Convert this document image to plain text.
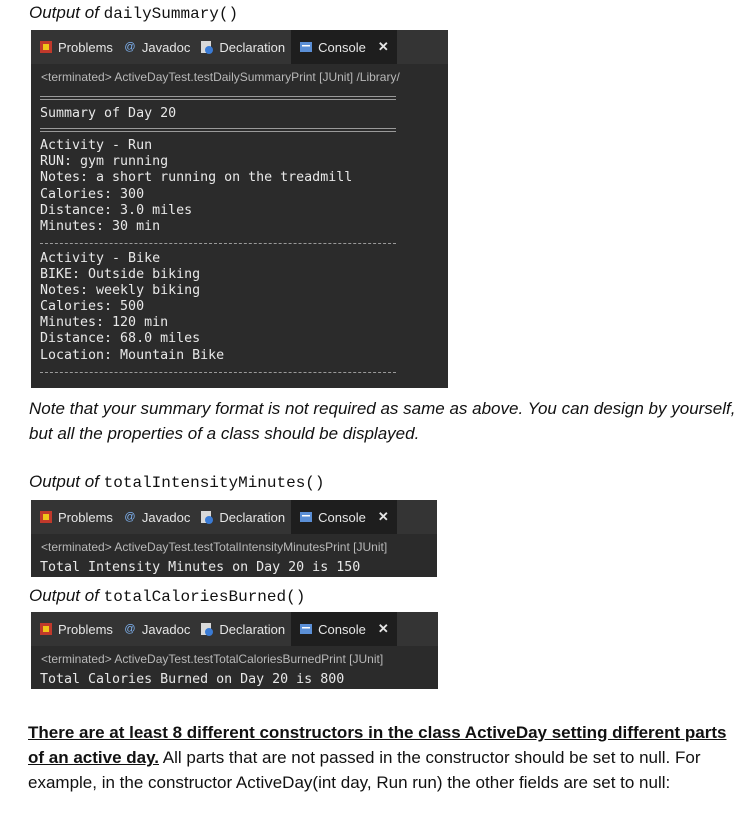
Output of dailySummary()
Problems @ Javadoc Declaration	Console ✕
<terminated> ActiveDayTest.testDailySummaryPrint [JUnit] /Library/
Summary of Day 20
Activity - Run
RUN: gym running
Notes: a short running on the treadmill
Calories: 300
Distance: 3.0 miles
Minutes: 30 min
Activity - Bike
BIKE: Outside biking
Notes: weekly biking
Calories: 500
Minutes: 120 min
Distance: 68.0 miles
Location: Mountain Bike
Note that your summary format is not required as same as above. You can design by yourself, but all the properties of a class should be displayed.
Output of totalIntensityMinutes()
Problems @ Javadoc Declaration	Console ✕
<terminated> ActiveDayTest.testTotalIntensityMinutesPrint [JUnit]
Total Intensity Minutes on Day 20 is 150
Output of totalCaloriesBurned()
Problems @ Javadoc Declaration	Console ✕
<terminated> ActiveDayTest.testTotalCaloriesBurnedPrint [JUnit]
Total Calories Burned on Day 20 is 800
There are at least 8 different constructors in the class ActiveDay setting different parts of an active day. All parts that are not passed in the constructor should be set to null. For example, in the constructor ActiveDay(int day, Run run) the other fields are set to null:
